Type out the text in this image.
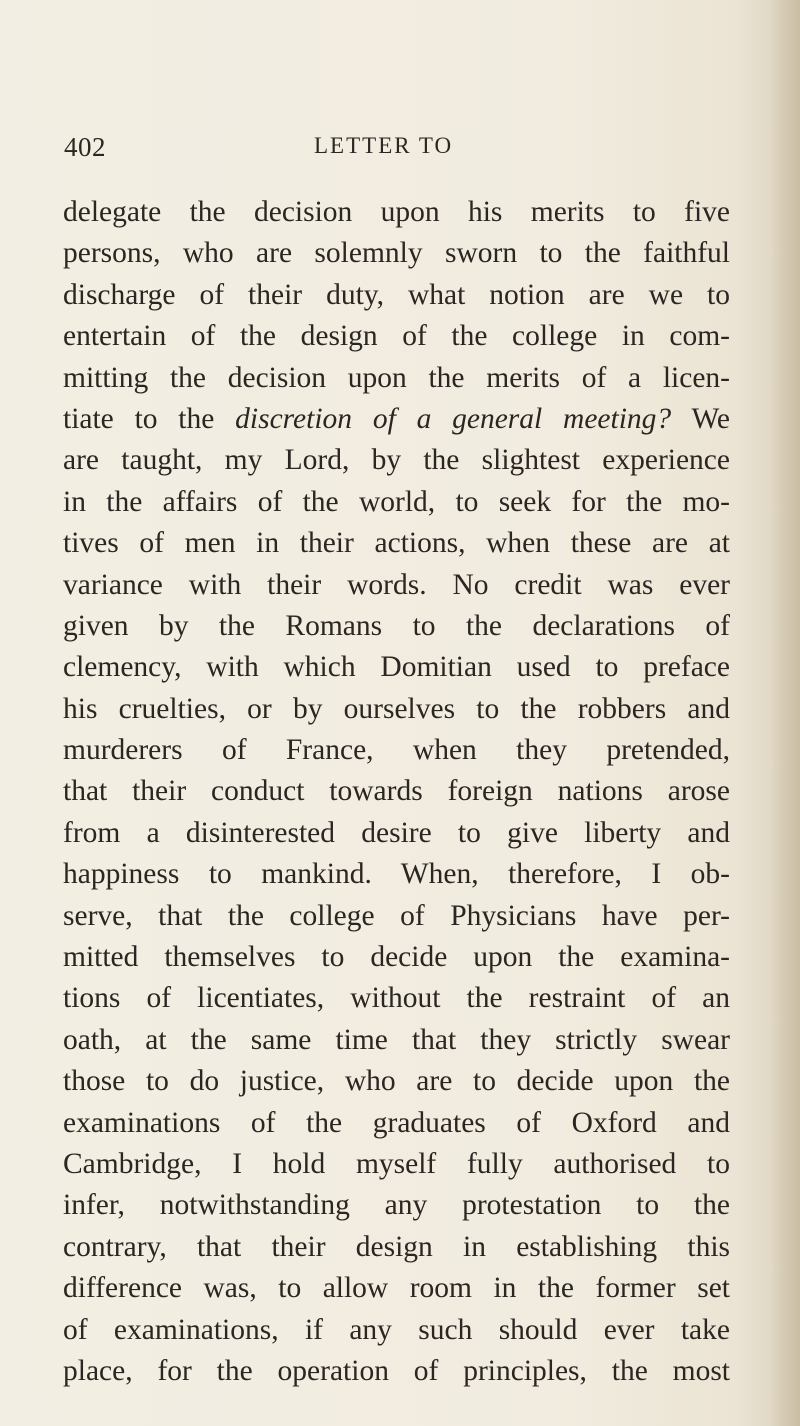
402	LETTER TO
delegate the decision upon his merits to five
persons, who are solemnly sworn to the faithful
discharge of their duty, what notion are we to
entertain of the design of the college in com-
mitting the decision upon the merits of a licen-
tiate to the discretion of a general meeting? We
are taught, my Lord, by the slightest experience
in the affairs of the world, to seek for the mo-
tives of men in their actions, when these are at
variance with their words. No credit was ever
given by the Romans to the declarations of
clemency, with which Domitian used to preface
his cruelties, or by ourselves to the robbers and
murderers of France, when they pretended,
that their conduct towards foreign nations arose
from a disinterested desire to give liberty and
happiness to mankind. When, therefore, I ob-
serve, that the college of Physicians have per-
mitted themselves to decide upon the examina-
tions of licentiates, without the restraint of an
oath, at the same time that they strictly swear
those to do justice, who are to decide upon the
examinations of the graduates of Oxford and
Cambridge, I hold myself fully authorised to
infer, notwithstanding any protestation to the
contrary, that their design in establishing this
difference was, to allow room in the former set
of examinations, if any such should ever take
place, for the operation of principles, the most
